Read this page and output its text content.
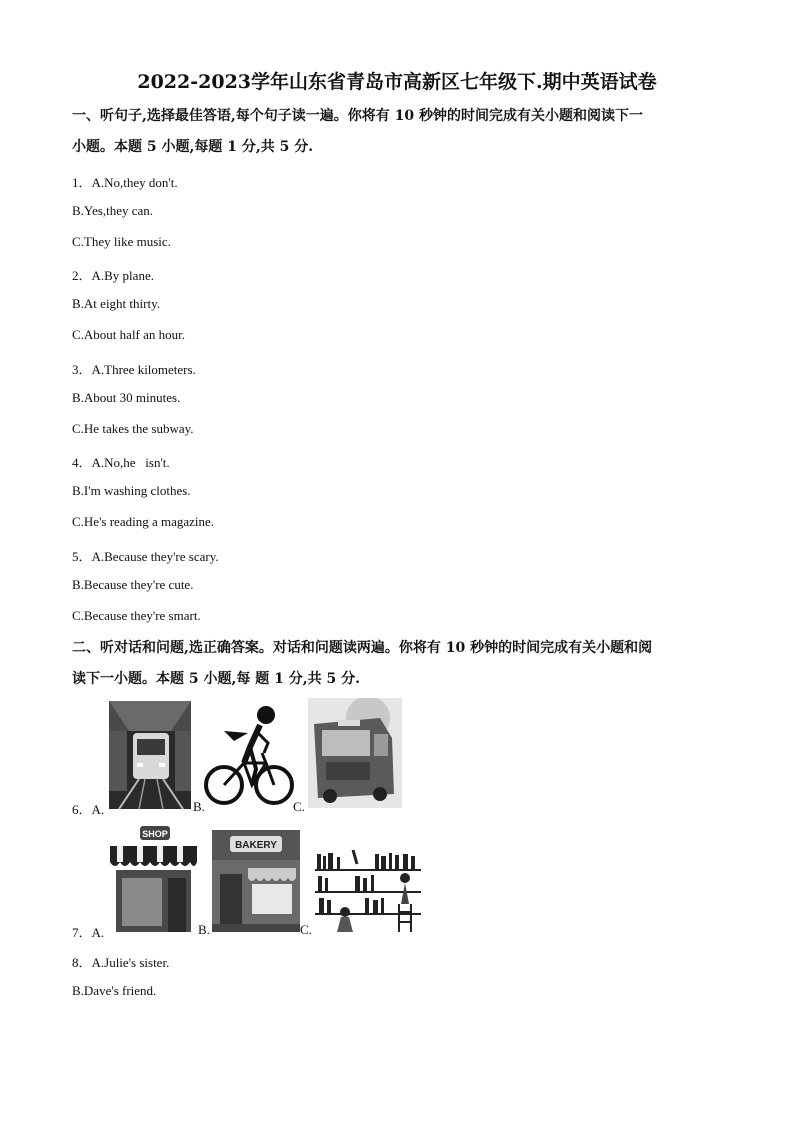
2022-2023学年山东省青岛市高新区七年级下.期中英语试卷
一、听句子,选择最佳答语,每个句子读一遍。你将有 10 秒钟的时间完成有关小题和阅读下一
小题。本题 5 小题,每题 1 分,共 5 分.
1．A.No,they don't.
B.Yes,they can.
C.They like music.
2．A.By plane.
B.At eight thirty.
C.About half an hour.
3．A.Three kilometers.
B.About 30 minutes.
C.He takes the subway.
4．A.No,he   isn't.
B.I'm washing clothes.
C.He's reading a magazine.
5．A.Because they're scary.
B.Because they're cute.
C.Because they're smart.
二、听对话和问题,选正确答案。对话和问题读两遍。你将有 10 秒钟的时间完成有关小题和阅
读下一小题。本题 5 小题,每 题 1 分,共 5 分.
6．A.	B.	C.
7．A.
SHOP
B.
BAKERY
C.
8．A.Julie's sister.
B.Dave's friend.
